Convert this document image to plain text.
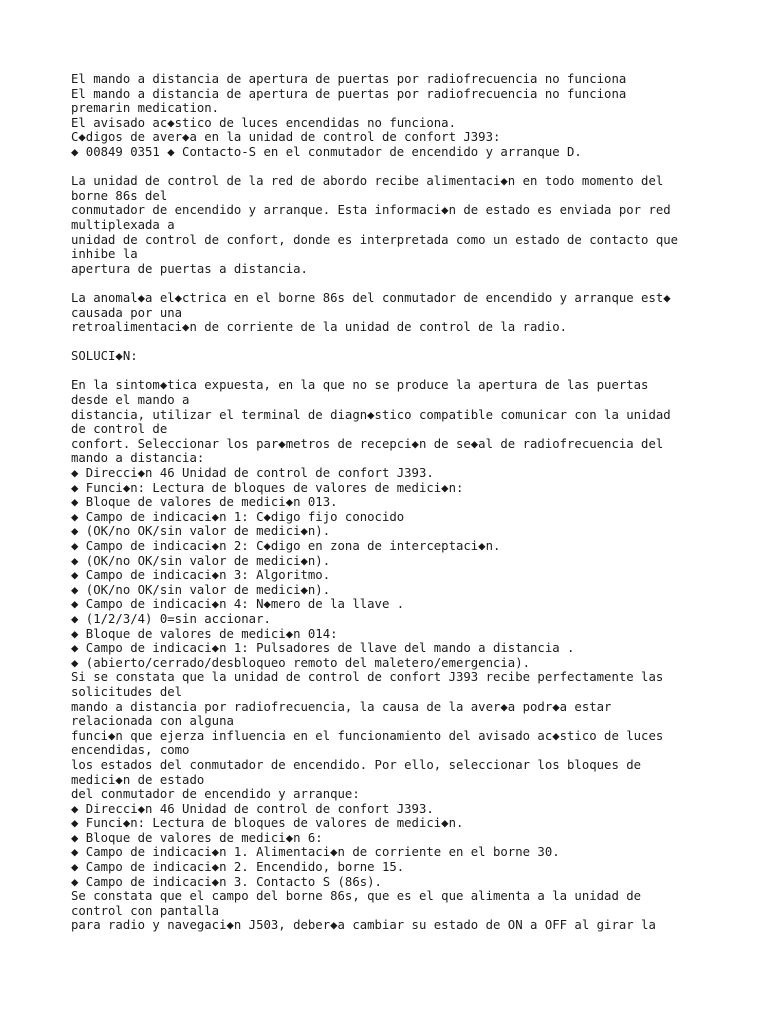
El mando a distancia de apertura de puertas por radiofrecuencia no funciona
El mando a distancia de apertura de puertas por radiofrecuencia no funciona
premarin medication.
El avisado ac◆stico de luces encendidas no funciona.
C◆digos de aver◆a en la unidad de control de confort J393:
◆ 00849 0351 ◆ Contacto-S en el conmutador de encendido y arranque D.
La unidad de control de la red de abordo recibe alimentaci◆n en todo momento del
borne 86s del
conmutador de encendido y arranque. Esta informaci◆n de estado es enviada por red
multiplexada a
unidad de control de confort, donde es interpretada como un estado de contacto que
inhibe la
apertura de puertas a distancia.
La anomal◆a el◆ctrica en el borne 86s del conmutador de encendido y arranque est◆
causada por una
retroalimentaci◆n de corriente de la unidad de control de la radio.
SOLUCI◆N:
En la sintom◆tica expuesta, en la que no se produce la apertura de las puertas
desde el mando a
distancia, utilizar el terminal de diagn◆stico compatible comunicar con la unidad
de control de
confort. Seleccionar los par◆metros de recepci◆n de se◆al de radiofrecuencia del
mando a distancia:
◆ Direcci◆n 46 Unidad de control de confort J393.
◆ Funci◆n: Lectura de bloques de valores de medici◆n:
◆ Bloque de valores de medici◆n 013.
◆ Campo de indicaci◆n 1: C◆digo fijo conocido
◆ (OK/no OK/sin valor de medici◆n).
◆ Campo de indicaci◆n 2: C◆digo en zona de interceptaci◆n.
◆ (OK/no OK/sin valor de medici◆n).
◆ Campo de indicaci◆n 3: Algoritmo.
◆ (OK/no OK/sin valor de medici◆n).
◆ Campo de indicaci◆n 4: N◆mero de la llave .
◆ (1/2/3/4) 0=sin accionar.
◆ Bloque de valores de medici◆n 014:
◆ Campo de indicaci◆n 1: Pulsadores de llave del mando a distancia .
◆ (abierto/cerrado/desbloqueo remoto del maletero/emergencia).
Si se constata que la unidad de control de confort J393 recibe perfectamente las
solicitudes del
mando a distancia por radiofrecuencia, la causa de la aver◆a podr◆a estar
relacionada con alguna
funci◆n que ejerza influencia en el funcionamiento del avisado ac◆stico de luces
encendidas, como
los estados del conmutador de encendido. Por ello, seleccionar los bloques de
medici◆n de estado
del conmutador de encendido y arranque:
◆ Direcci◆n 46 Unidad de control de confort J393.
◆ Funci◆n: Lectura de bloques de valores de medici◆n.
◆ Bloque de valores de medici◆n 6:
◆ Campo de indicaci◆n 1. Alimentaci◆n de corriente en el borne 30.
◆ Campo de indicaci◆n 2. Encendido, borne 15.
◆ Campo de indicaci◆n 3. Contacto S (86s).
Se constata que el campo del borne 86s, que es el que alimenta a la unidad de
control con pantalla
para radio y navegaci◆n J503, deber◆a cambiar su estado de ON a OFF al girar la
